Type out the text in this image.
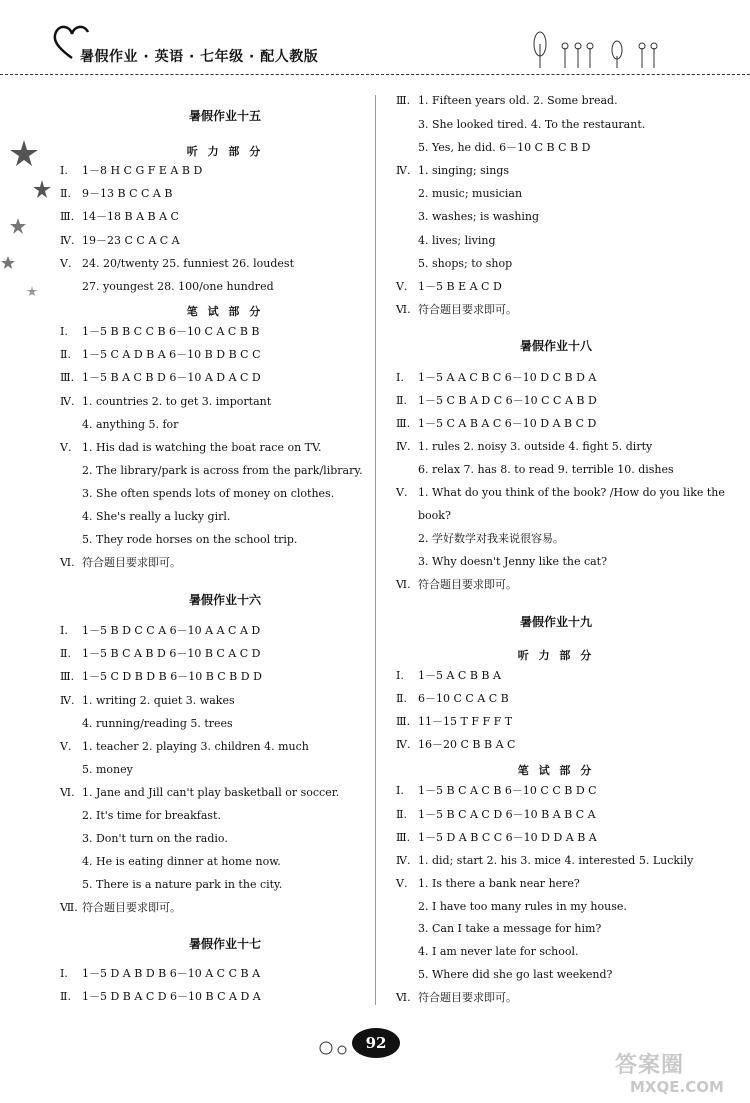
暑假作业 · 英语 · 七年级 · 配人教版
暑假作业十五
听 力 部 分
Ⅰ. 1－8 H C G F E A B D
Ⅱ. 9－13 B C C A B
Ⅲ. 14－18 B A B A C
Ⅳ. 19－23 C C A C A
Ⅴ. 24. 20/twenty 25. funniest 26. loudest
27. youngest 28. 100/one hundred
笔 试 部 分
Ⅰ. 1－5 B B C C B 6－10 C A C B B
Ⅱ. 1－5 C A D B A 6－10 B D B C C
Ⅲ. 1－5 B A C B D 6－10 A D A C D
Ⅳ. 1. countries 2. to get 3. important
4. anything 5. for
Ⅴ. 1. His dad is watching the boat race on TV.
2. The library/park is across from the park/library.
3. She often spends lots of money on clothes.
4. She's really a lucky girl.
5. They rode horses on the school trip.
Ⅵ. 符合题目要求即可。
暑假作业十六
Ⅰ. 1－5 B D C C A 6－10 A A C A D
Ⅱ. 1－5 B C A B D 6－10 B C A C D
Ⅲ. 1－5 C D B D B 6－10 B C B D D
Ⅳ. 1. writing 2. quiet 3. wakes
4. running/reading 5. trees
Ⅴ. 1. teacher 2. playing 3. children 4. much
5. money
Ⅵ. 1. Jane and Jill can't play basketball or soccer.
2. It's time for breakfast.
3. Don't turn on the radio.
4. He is eating dinner at home now.
5. There is a nature park in the city.
Ⅶ. 符合题目要求即可。
暑假作业十七
Ⅰ. 1－5 D A B D B 6－10 A C C B A
Ⅱ. 1－5 D B A C D 6－10 B C A D A
Ⅲ. 1. Fifteen years old. 2. Some bread.
3. She looked tired. 4. To the restaurant.
5. Yes, he did. 6－10 C B C B D
Ⅳ. 1. singing; sings
2. music; musician
3. washes; is washing
4. lives; living
5. shops; to shop
Ⅴ. 1－5 B E A C D
Ⅵ. 符合题目要求即可。
暑假作业十八
Ⅰ. 1－5 A A C B C 6－10 D C B D A
Ⅱ. 1－5 C B A D C 6－10 C C A B D
Ⅲ. 1－5 C A B A C 6－10 D A B C D
Ⅳ. 1. rules 2. noisy 3. outside 4. fight 5. dirty
6. relax 7. has 8. to read 9. terrible 10. dishes
Ⅴ. 1. What do you think of the book? /How do you like the
book?
2. 学好数学对我来说很容易。
3. Why doesn't Jenny like the cat?
Ⅵ. 符合题目要求即可。
暑假作业十九
听 力 部 分
Ⅰ. 1－5 A C B B A
Ⅱ. 6－10 C C A C B
Ⅲ. 11－15 T F F F T
Ⅳ. 16－20 C B B A C
笔 试 部 分
Ⅰ. 1－5 B C A C B 6－10 C C B D C
Ⅱ. 1－5 B C A C D 6－10 B A B C A
Ⅲ. 1－5 D A B C C 6－10 D D A B A
Ⅳ. 1. did; start 2. his 3. mice 4. interested 5. Luckily
Ⅴ. 1. Is there a bank near here?
2. I have too many rules in my house.
3. Can I take a message for him?
4. I am never late for school.
5. Where did she go last weekend?
Ⅵ. 符合题目要求即可。
92
答案圈
MXQE.COM
